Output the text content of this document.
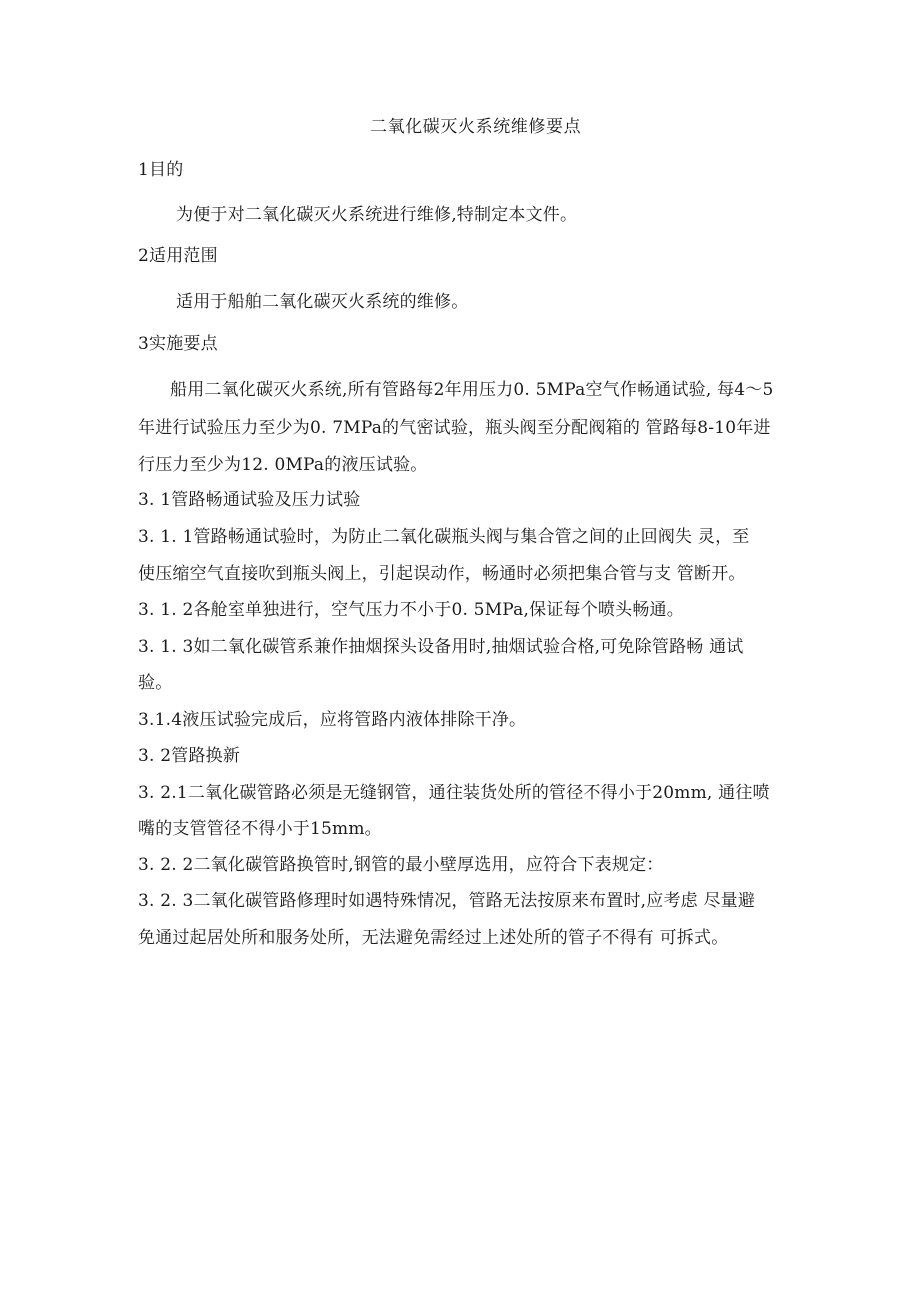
二氧化碳灭火系统维修要点
1目的
为便于对二氧化碳灭火系统进行维修,特制定本文件。
2适用范围
适用于船舶二氧化碳灭火系统的维修。
3实施要点
船用二氧化碳灭火系统,所有管路每2年用压力0. 5MPa空气作畅通试验, 每4～5
年进行试验压力至少为0. 7MPa的气密试验，瓶头阀至分配阀箱的 管路每8-10年进
行压力至少为12. 0MPa的液压试验。
3. 1管路畅通试验及压力试验
3. 1. 1管路畅通试验时，为防止二氧化碳瓶头阀与集合管之间的止回阀失 灵，至
使压缩空气直接吹到瓶头阀上，引起误动作，畅通时必须把集合管与支 管断开。
3. 1. 2各舱室单独进行，空气压力不小于0. 5MPa,保证每个喷头畅通。
3. 1. 3如二氧化碳管系兼作抽烟探头设备用时,抽烟试验合格,可免除管路畅 通试
验。
3.1.4液压试验完成后，应将管路内液体排除干净。
3. 2管路换新
3. 2.1二氧化碳管路必须是无缝钢管，通往装货处所的管径不得小于20mm, 通往喷
嘴的支管管径不得小于15mm。
3. 2. 2二氧化碳管路换管时,钢管的最小壁厚选用，应符合下表规定：
3. 2. 3二氧化碳管路修理时如遇特殊情况，管路无法按原来布置时,应考虑 尽量避
免通过起居处所和服务处所，无法避免需经过上述处所的管子不得有 可拆式。
